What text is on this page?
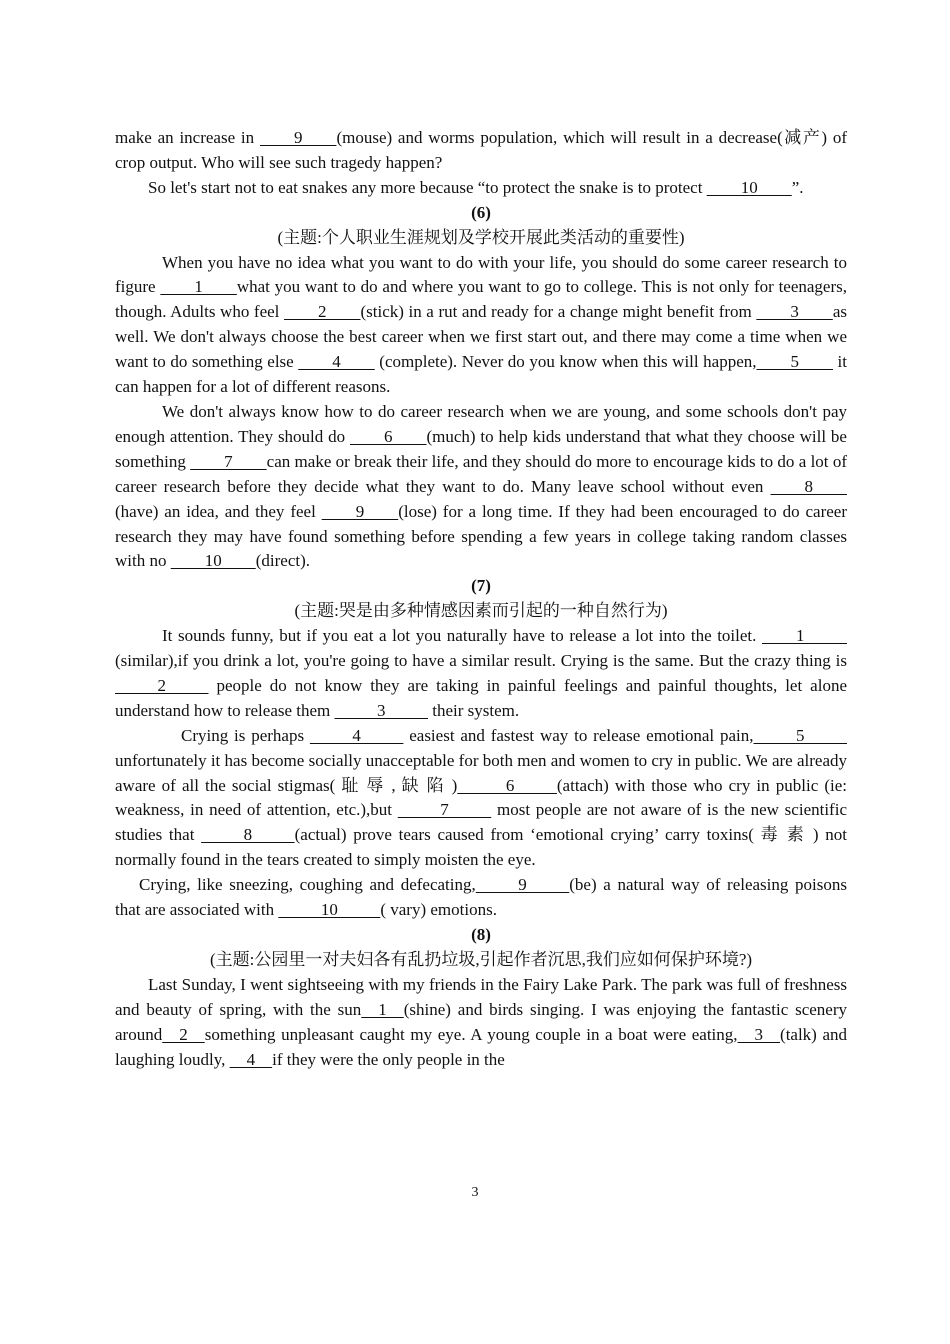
make an increase in     9    (mouse) and worms population, which will result in a decrease(减产) of crop output. Who will see such tragedy happen?

So let's start not to eat snakes any more because “to protect the snake is to protect     10    ”.

(6)

(主题:个人职业生涯规划及学校开展此类活动的重要性)

When you have no idea what you want to do with your life, you should do some career research to figure     1    what you want to do and where you want to go to college. This is not only for teenagers, though. Adults who feel     2    (stick) in a rut and ready for a change might benefit from     3    as well. We don't always choose the best career when we first start out, and there may come a time when we want to do something else     4     (complete). Never do you know when this will happen,    5     it can happen for a lot of different reasons.

We don't always know how to do career research when we are young, and some schools don't pay enough attention. They should do     6    (much) to help kids understand that what they choose will be something     7    can make or break their life, and they should do more to encourage kids to do a lot of career research before they decide what they want to do. Many leave school without even     8    (have) an idea, and they feel     9    (lose) for a long time. If they had been encouraged to do career research they may have found something before spending a few years in college taking random classes with no     10    (direct).

(7)

(主题:哭是由多种情感因素而引起的一种自然行为)

It sounds funny, but if you eat a lot you naturally have to release a lot into the toilet.     1     (similar),if you drink a lot, you're going to have a similar result. Crying is the same. But the crazy thing is      2      people do not know they are taking in painful feelings and painful thoughts, let alone understand how to release them      3      their system.

Crying is perhaps      4      easiest and fastest way to release emotional pain,     5      unfortunately it has become socially unacceptable for both men and women to cry in public. We are already aware of all the social stigmas( 耻 辱 , 缺 陷 )      6     (attach) with those who cry in public (ie: weakness, in need of attention, etc.),but      7      most people are not aware of is the new scientific studies that      8     (actual) prove tears caused from ‘emotional crying’ carry toxins( 毒 素 ) not normally found in the tears created to simply moisten the eye.

Crying, like sneezing, coughing and defecating,     9     (be) a natural way of releasing poisons that are associated with      10     ( vary) emotions.

(8)

(主题:公园里一对夫妇各有乱扔垃圾,引起作者沉思,我们应如何保护环境?)

Last Sunday, I went sightseeing with my friends in the Fairy Lake Park. The park was full of freshness and beauty of spring, with the sun  1  (shine) and birds singing. I was enjoying the fantastic scenery around  2  something unpleasant caught my eye. A young couple in a boat were eating,  3  (talk) and laughing loudly,   4  if they were the only people in the

3
